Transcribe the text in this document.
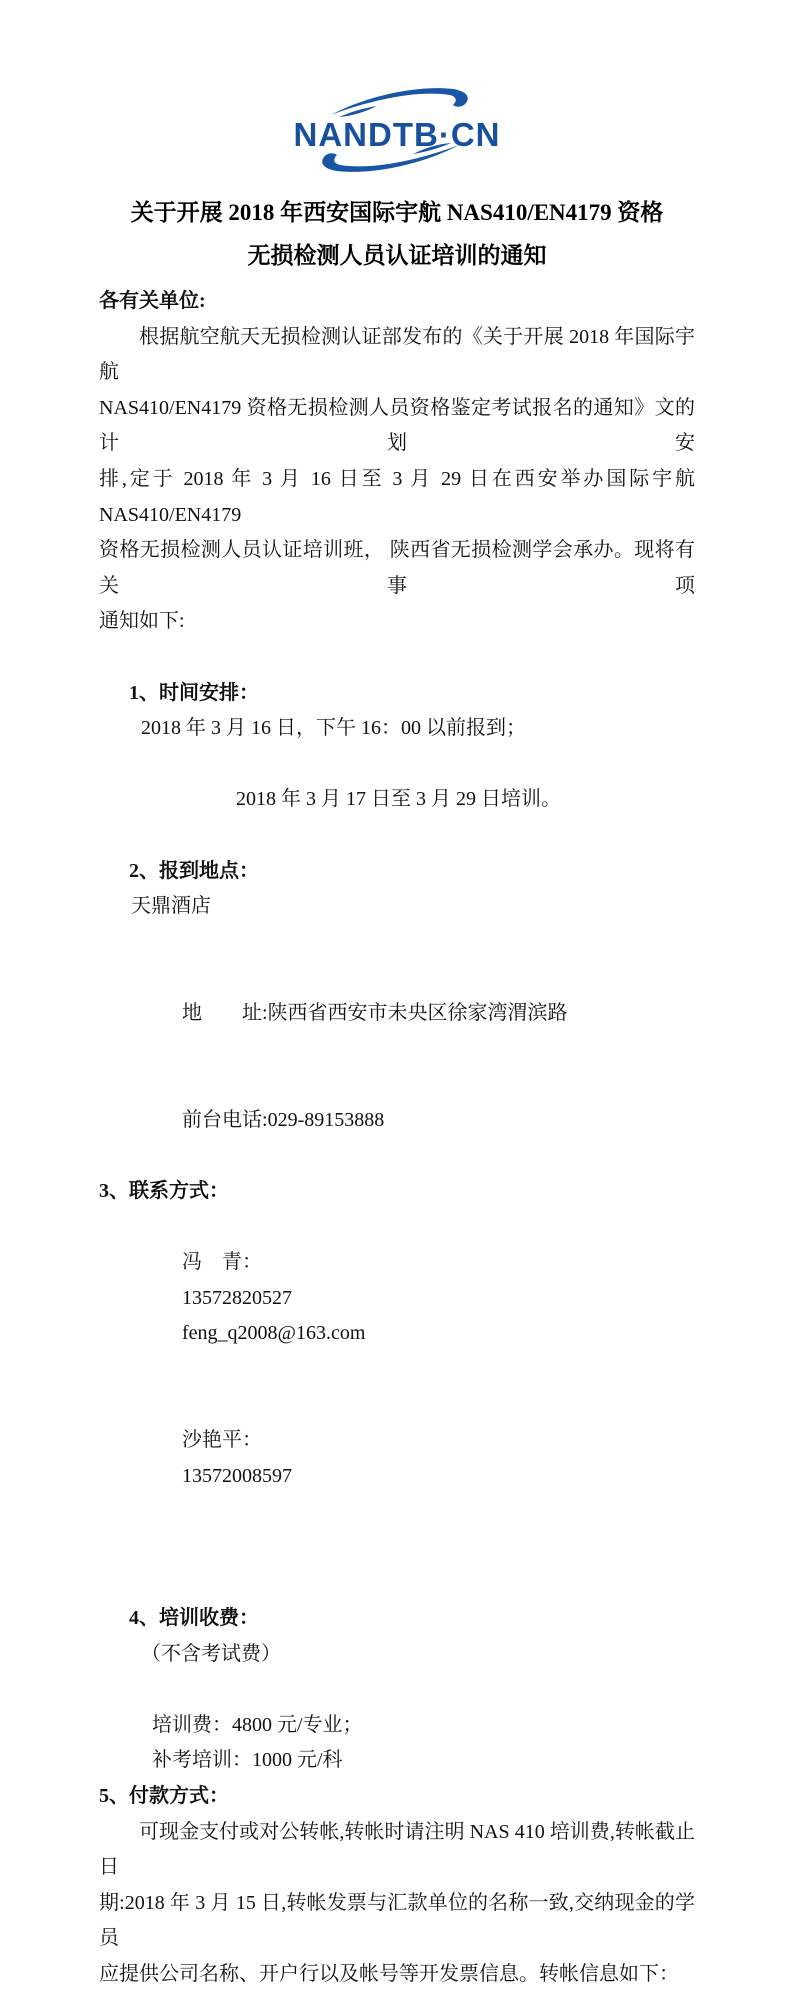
NANDTB·CN
关于开展 2018 年西安国际宇航 NAS410/EN4179 资格
无损检测人员认证培训的通知
各有关单位:
根据航空航天无损检测认证部发布的《关于开展 2018 年国际宇航
NAS410/EN4179 资格无损检测人员资格鉴定考试报名的通知》文的计划安
排,定于 2018 年 3 月 16 日至 3 月 29 日在西安举办国际宇航 NAS410/EN4179
资格无损检测人员认证培训班， 陕西省无损检测学会承办。现将有关事项
通知如下:

1、时间安排：
2018 年 3 月 16 日，下午 16：00 以前报到；

2018 年 3 月 17 日至 3 月 29 日培训。

2、报到地点：
天鼎酒店

地　　址:陕西省西安市未央区徐家湾渭滨路

前台电话:029-89153888

3、联系方式：

冯　青：
13572820527
feng_q2008@163.com

沙艳平：
13572008597

4、培训收费：
（不含考试费）

培训费：4800 元/专业；
补考培训：1000 元/科
5、付款方式：
可现金支付或对公转帐,转帐时请注明 NAS 410 培训费,转帐截止日
期:2018 年 3 月 15 日,转帐发票与汇款单位的名称一致,交纳现金的学员
应提供公司名称、开户行以及帐号等开发票信息。转帐信息如下：
